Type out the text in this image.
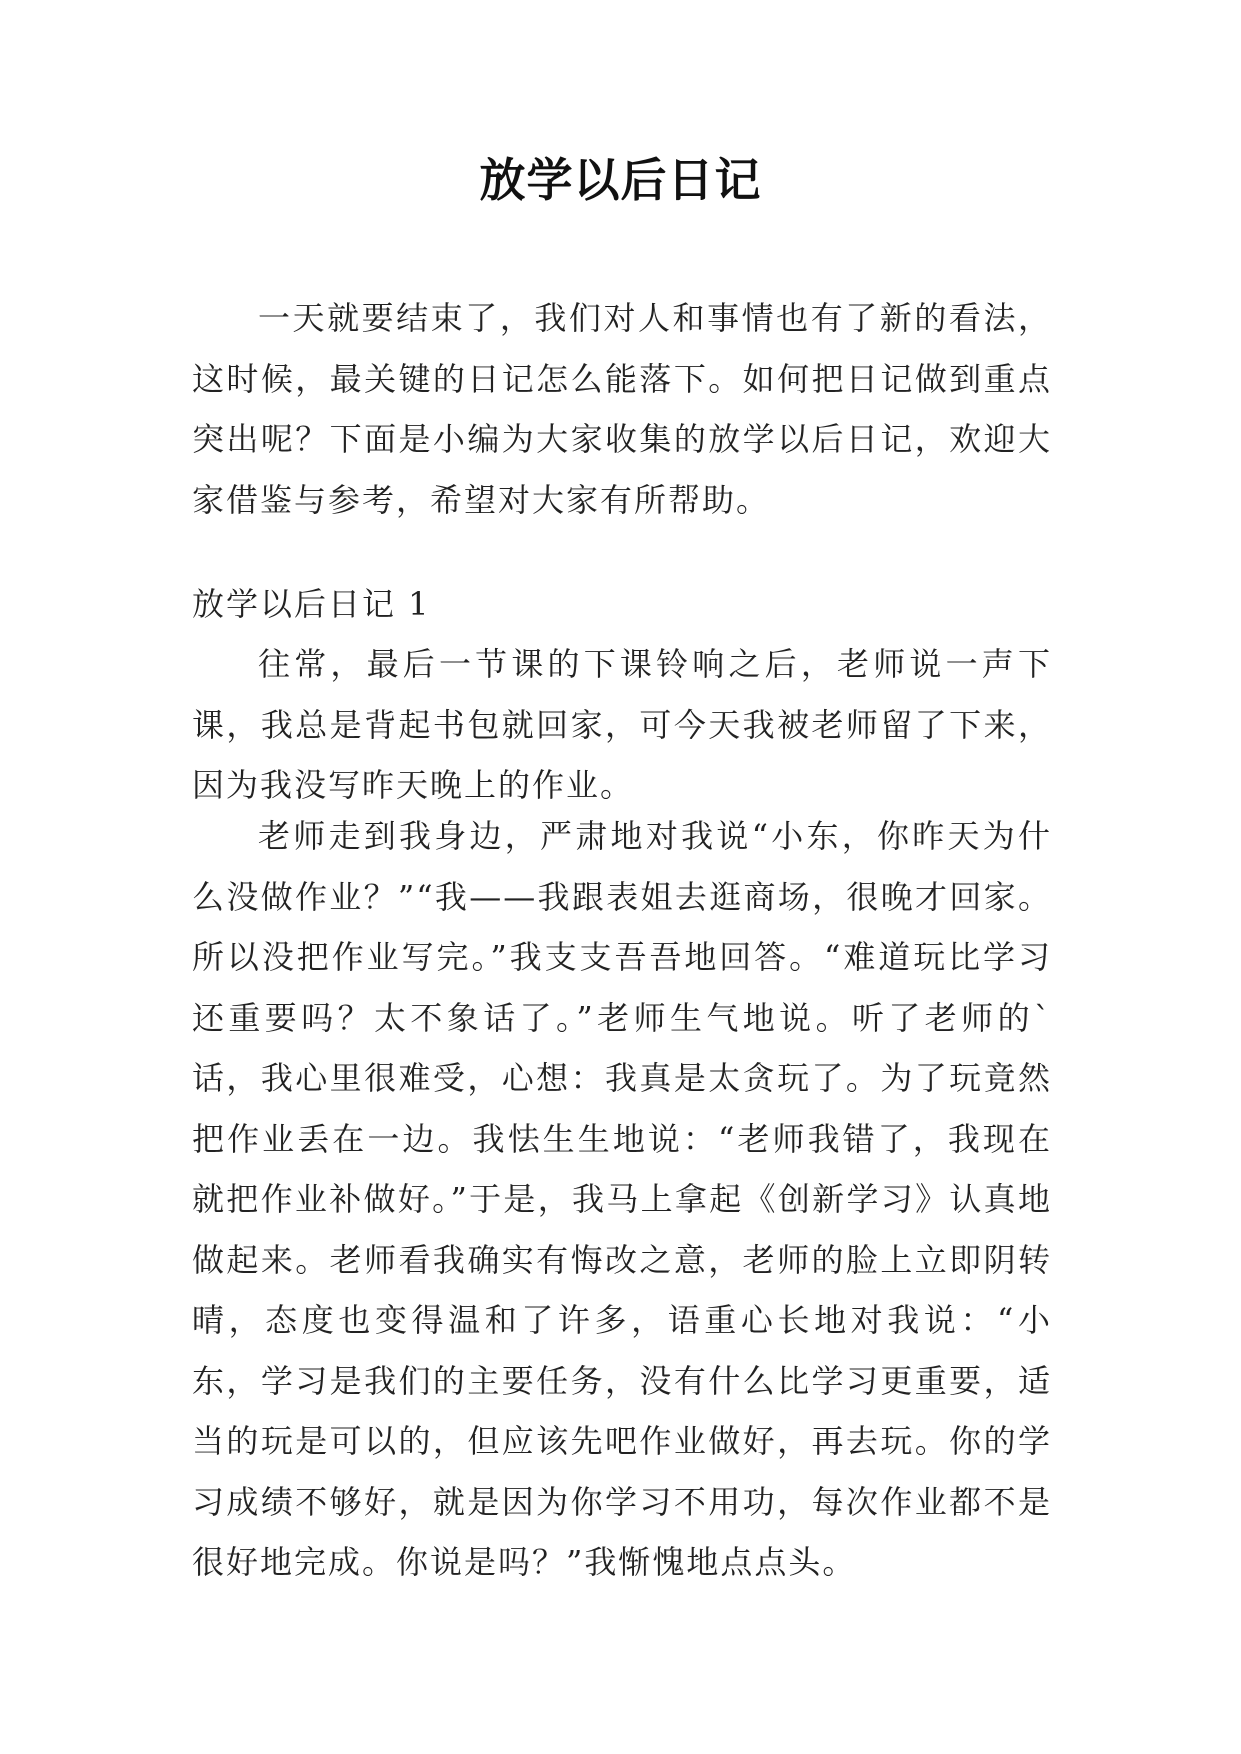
放学以后日记

一天就要结束了，我们对人和事情也有了新的看法，这时候，最关键的日记怎么能落下。如何把日记做到重点突出呢？下面是小编为大家收集的放学以后日记，欢迎大家借鉴与参考，希望对大家有所帮助。

放学以后日记 1

往常，最后一节课的下课铃响之后，老师说一声下课，我总是背起书包就回家，可今天我被老师留了下来，因为我没写昨天晚上的作业。

老师走到我身边，严肃地对我说“小东，你昨天为什么没做作业？”“我——我跟表姐去逛商场，很晚才回家。所以没把作业写完。”我支支吾吾地回答。“难道玩比学习还重要吗？太不象话了。”老师生气地说。听了老师的`话，我心里很难受，心想：我真是太贪玩了。为了玩竟然把作业丢在一边。我怯生生地说：“老师我错了，我现在就把作业补做好。”于是，我马上拿起《创新学习》认真地做起来。老师看我确实有悔改之意，老师的脸上立即阴转晴，态度也变得温和了许多，语重心长地对我说：“小东，学习是我们的主要任务，没有什么比学习更重要，适当的玩是可以的，但应该先吧作业做好，再去玩。你的学习成绩不够好，就是因为你学习不用功，每次作业都不是很好地完成。你说是吗？”我惭愧地点点头。
